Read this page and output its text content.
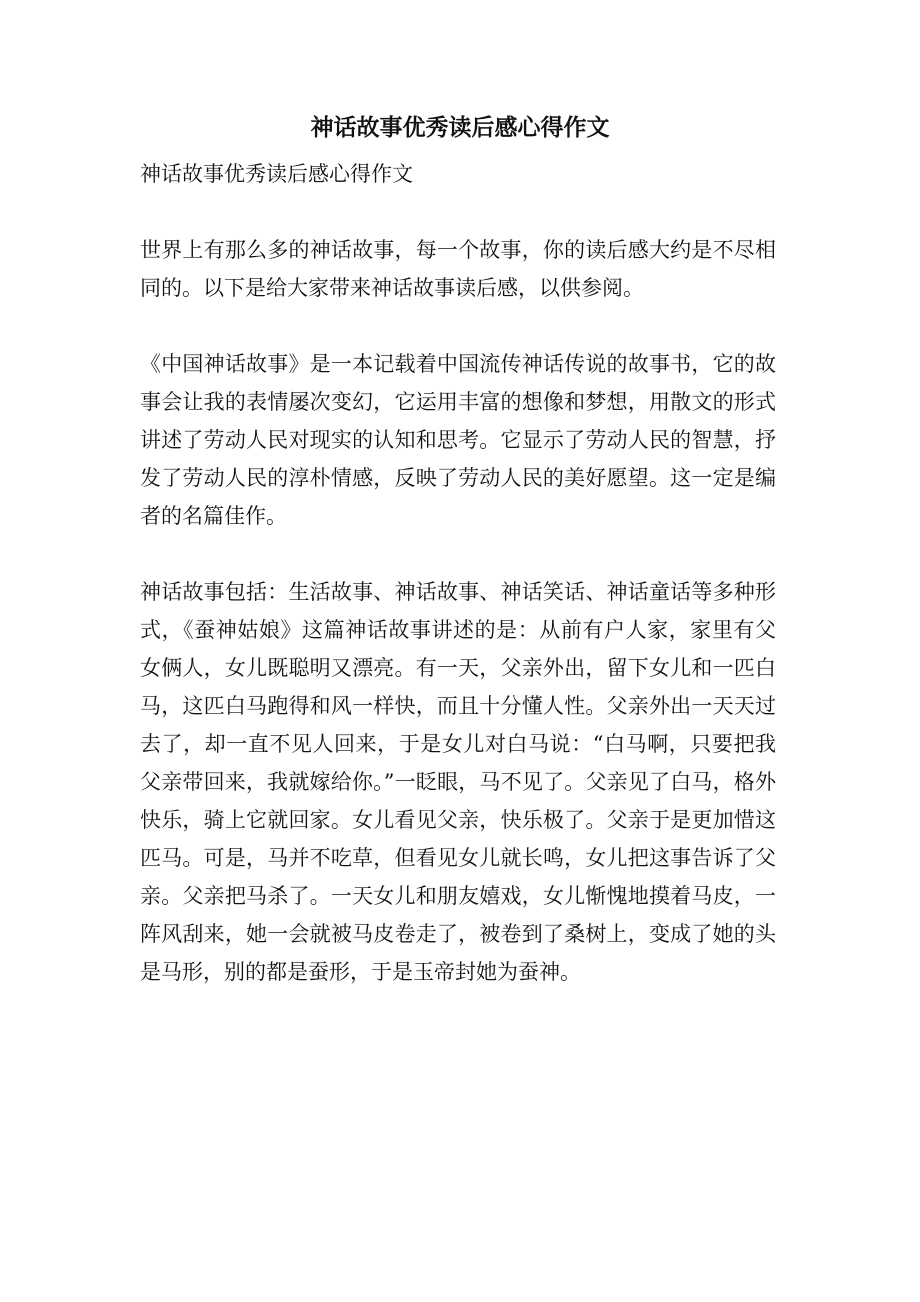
神话故事优秀读后感心得作文

神话故事优秀读后感心得作文

世界上有那么多的神话故事，每一个故事，你的读后感大约是不尽相同的。以下是给大家带来神话故事读后感，以供参阅。

《中国神话故事》是一本记载着中国流传神话传说的故事书，它的故事会让我的表情屡次变幻，它运用丰富的想像和梦想，用散文的形式讲述了劳动人民对现实的认知和思考。它显示了劳动人民的智慧，抒发了劳动人民的淳朴情感，反映了劳动人民的美好愿望。这一定是编者的名篇佳作。

神话故事包括：生活故事、神话故事、神话笑话、神话童话等多种形式，《蚕神姑娘》这篇神话故事讲述的是：从前有户人家，家里有父女俩人，女儿既聪明又漂亮。有一天，父亲外出，留下女儿和一匹白马，这匹白马跑得和风一样快，而且十分懂人性。父亲外出一天天过去了，却一直不见人回来，于是女儿对白马说：“白马啊，只要把我父亲带回来，我就嫁给你。”一眨眼，马不见了。父亲见了白马，格外快乐，骑上它就回家。女儿看见父亲，快乐极了。父亲于是更加惜这匹马。可是，马并不吃草，但看见女儿就长鸣，女儿把这事告诉了父亲。父亲把马杀了。一天女儿和朋友嬉戏，女儿惭愧地摸着马皮，一阵风刮来，她一会就被马皮卷走了，被卷到了桑树上，变成了她的头是马形，别的都是蚕形，于是玉帝封她为蚕神。
